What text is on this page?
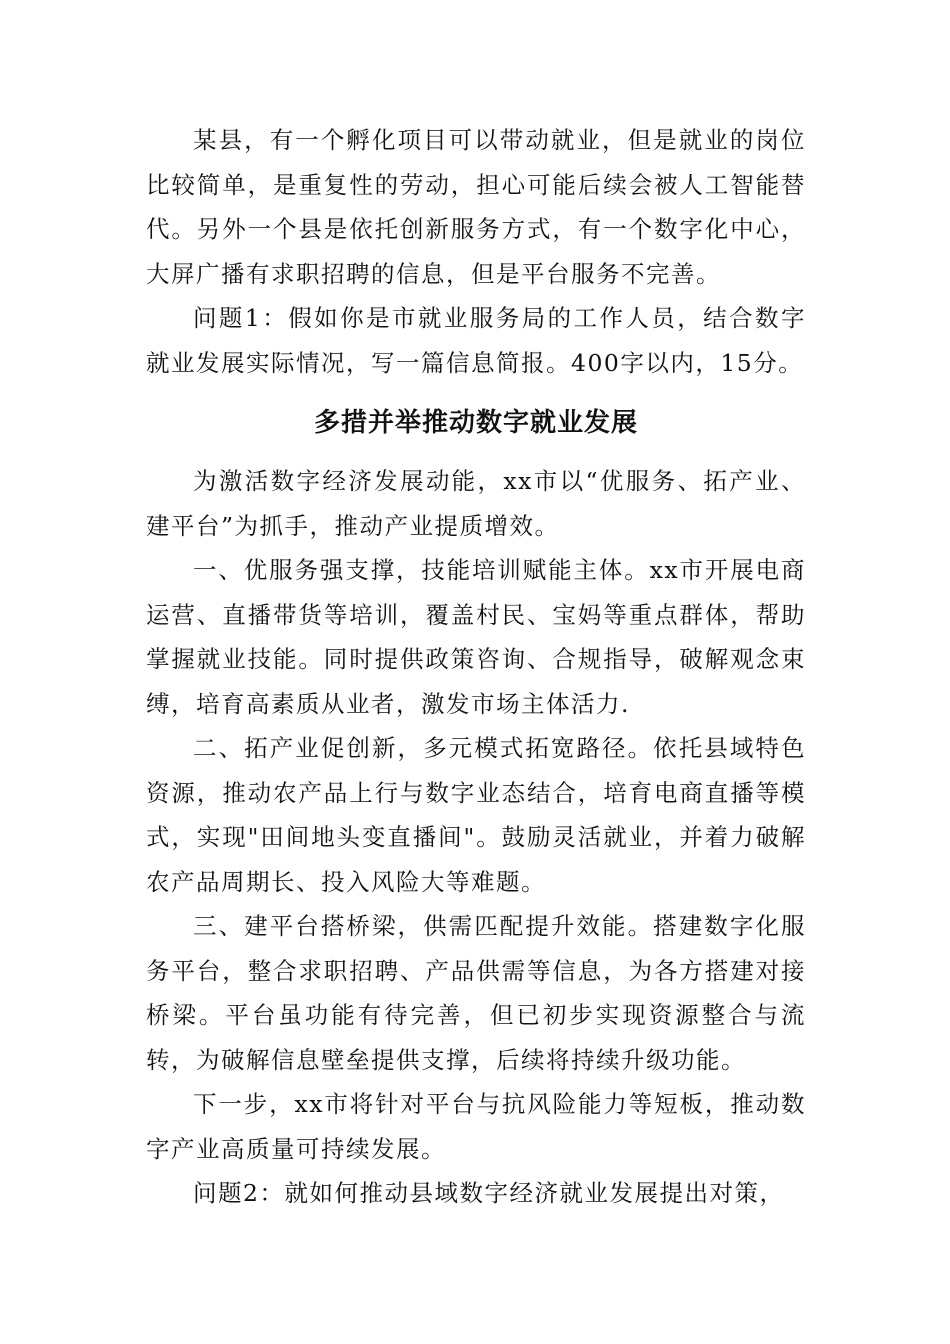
某县，有一个孵化项目可以带动就业，但是就业的岗位比较简单，是重复性的劳动，担心可能后续会被人工智能替代。另外一个县是依托创新服务方式，有一个数字化中心，大屏广播有求职招聘的信息，但是平台服务不完善。

问题1：假如你是市就业服务局的工作人员，结合数字就业发展实际情况，写一篇信息简报。400字以内，15分。

多措并举推动数字就业发展

为激活数字经济发展动能，xx市以“优服务、拓产业、建平台”为抓手，推动产业提质增效。

一、优服务强支撑，技能培训赋能主体。xx市开展电商运营、直播带货等培训，覆盖村民、宝妈等重点群体，帮助掌握就业技能。同时提供政策咨询、合规指导，破解观念束缚，培育高素质从业者，激发市场主体活力.

二、拓产业促创新，多元模式拓宽路径。依托县域特色资源，推动农产品上行与数字业态结合，培育电商直播等模式，实现"田间地头变直播间"。鼓励灵活就业，并着力破解农产品周期长、投入风险大等难题。

三、建平台搭桥梁，供需匹配提升效能。搭建数字化服务平台，整合求职招聘、产品供需等信息，为各方搭建对接桥梁。平台虽功能有待完善，但已初步实现资源整合与流转，为破解信息壁垒提供支撑，后续将持续升级功能。

下一步，xx市将针对平台与抗风险能力等短板，推动数字产业高质量可持续发展。

问题2：就如何推动县域数字经济就业发展提出对策，
